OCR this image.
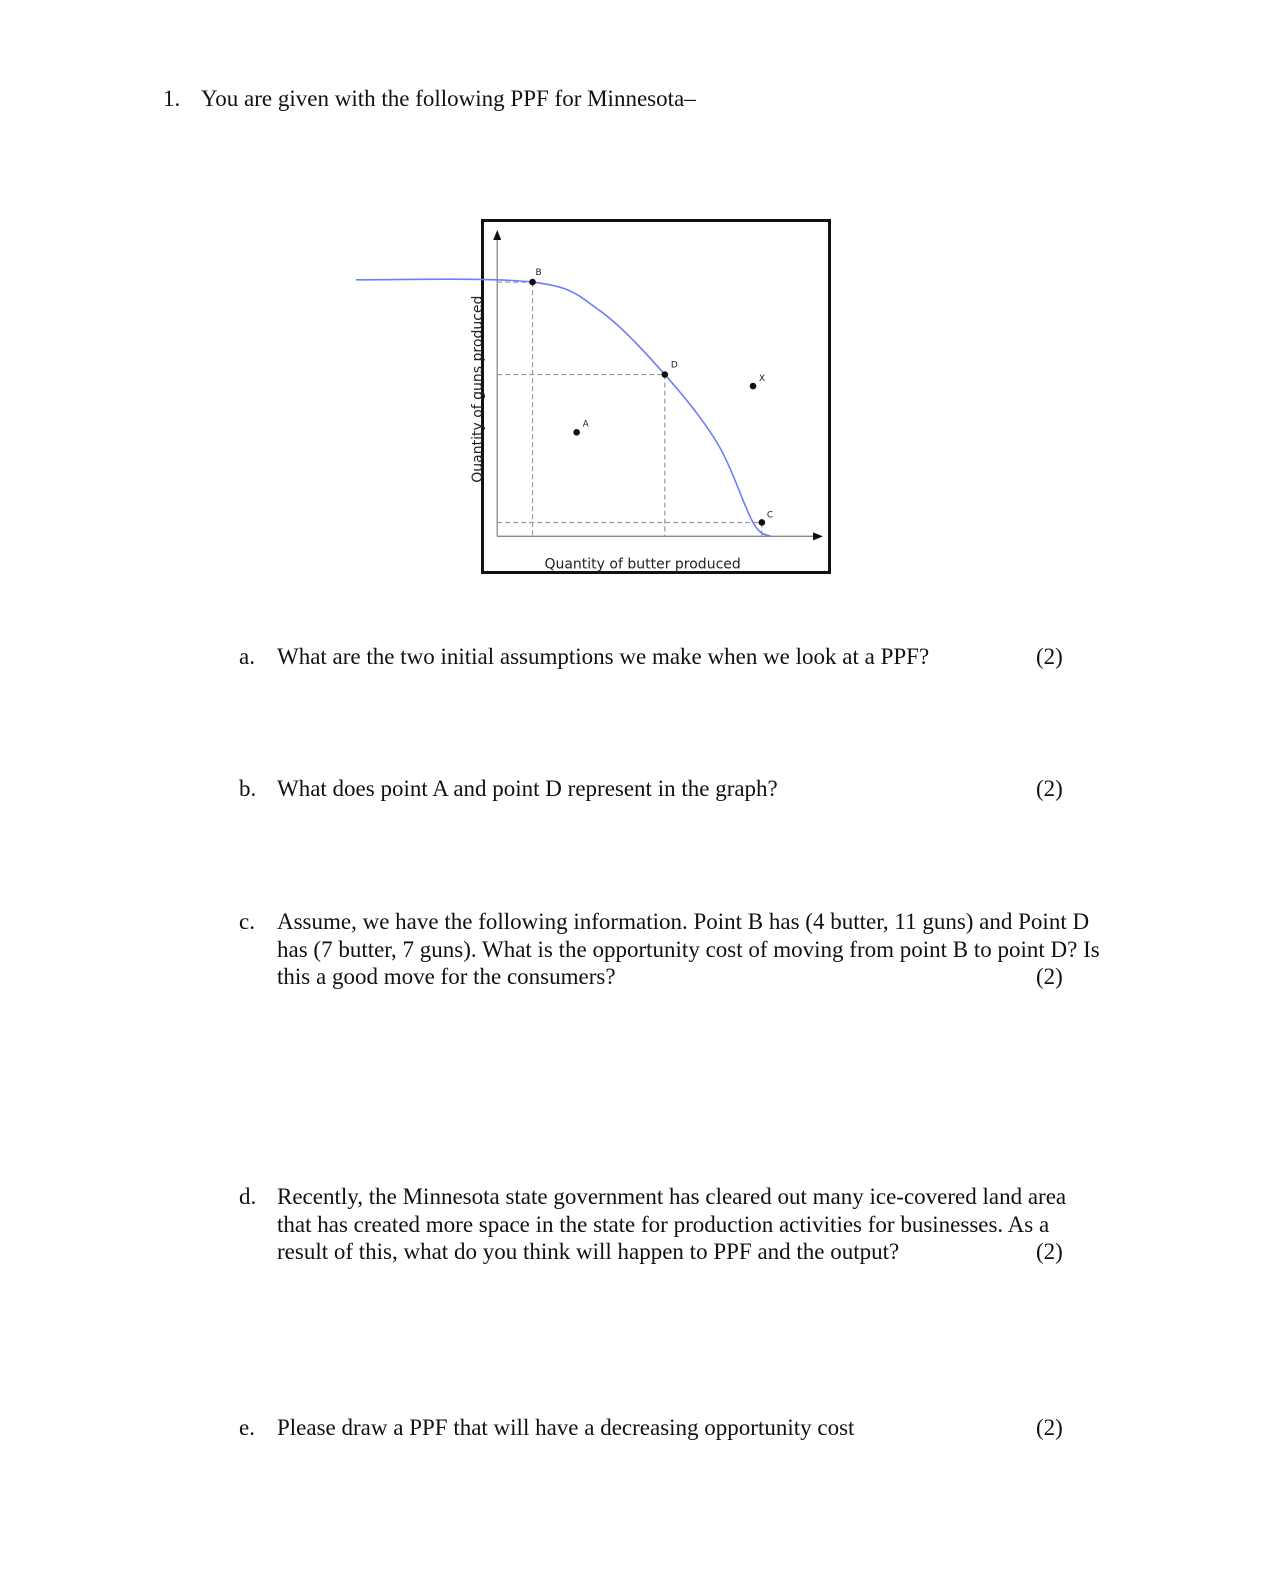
1. You are given with the following PPF for Minnesota–
A
B
C
D
X
Quantity of butter produced
Quantity of guns produced
a. What are the two initial assumptions we make when we look at a PPF?	(2)
b. What does point A and point D represent in the graph?	(2)
c. Assume, we have the following information. Point B has (4 butter, 11 guns) and Point D
has (7 butter, 7 guns). What is the opportunity cost of moving from point B to point D? Is
this a good move for the consumers?	(2)
d. Recently, the Minnesota state government has cleared out many ice-covered land area
that has created more space in the state for production activities for businesses. As a
result of this, what do you think will happen to PPF and the output?	(2)
e. Please draw a PPF that will have a decreasing opportunity cost	(2)
